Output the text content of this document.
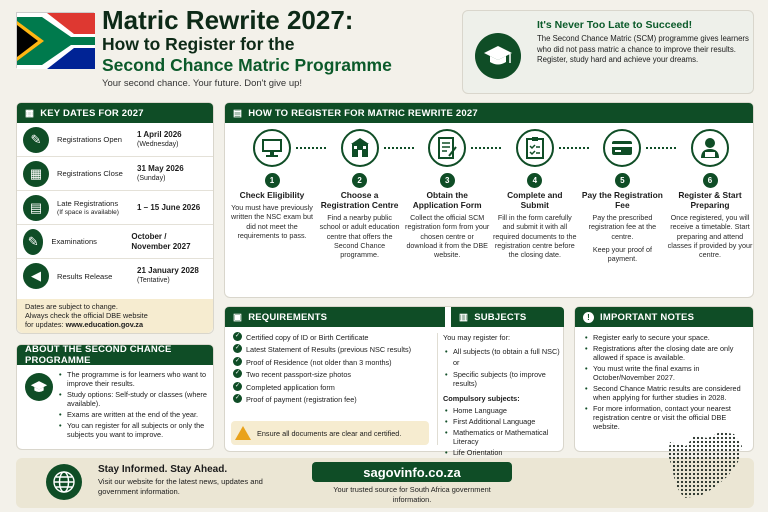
Matric Rewrite 2027:
How to Register for the
Second Chance Matric Programme
Your second chance. Your future. Don't give up!
It's Never Too Late to Succeed!
The Second Chance Matric (SCM) programme gives learners who did not pass matric a chance to improve their results.
Register, study hard and achieve your dreams.
▦ KEY DATES FOR 2027
✎	Registrations Open
1 April 2026
(Wednesday)
▦	Registrations Close
31 May 2026
(Sunday)
▤	Late Registrations
(If space is available)
1 – 15 June 2026
✎	Examinations
October / November 2027
◀	Results Release
21 January 2028
(Tentative)
Dates are subject to change.
Always check the official DBE website
for updates: www.education.gov.za
ABOUT THE SECOND CHANCE PROGRAMME
• The programme is for learners who want to improve their results.
• Study options: Self-study or classes (where available).
• Exams are written at the end of the year.
• You can register for all subjects or only the subjects you want to improve.
▤ HOW TO REGISTER FOR MATRIC REWRITE 2027
1
Check Eligibility
You must have previously written the NSC exam but did not meet the requirements to pass.
2
Choose a Registration Centre
Find a nearby public school or adult education centre that offers the Second Chance programme.
3
Obtain the Application Form
Collect the official SCM registration form from your chosen centre or download it from the DBE website.
4
Complete and Submit
Fill in the form carefully and submit it with all required documents to the registration centre before the closing date.
5
Pay the Registration Fee
Pay the prescribed registration fee at the centre.
Keep your proof of payment.
6
Register & Start Preparing
Once registered, you will receive a timetable. Start preparing and attend classes if provided by your centre.
▣ REQUIREMENTS	▥ SUBJECTS
✓ Certified copy of ID or Birth Certificate
✓ Latest Statement of Results (previous NSC results)
✓ Proof of Residence (not older than 3 months)
✓ Two recent passport-size photos
✓ Completed application form
✓ Proof of payment (registration fee)
Ensure all documents are clear and certified.
You may register for:
• All subjects (to obtain a full NSC)
or
• Specific subjects (to improve results)
Compulsory subjects:
• Home Language
• First Additional Language
• Mathematics or Mathematical Literacy
• Life Orientation
!	IMPORTANT NOTES
• Register early to secure your space.
• Registrations after the closing date are only allowed if space is available.
• You must write the final exams in October/November 2027.
• Second Chance Matric results are considered when applying for further studies in 2028.
• For more information, contact your nearest registration centre or visit the official DBE website.
Stay Informed. Stay Ahead.
Visit our website for the latest news, updates and government information.
sagovinfo.co.za
Your trusted source for South Africa government information.
